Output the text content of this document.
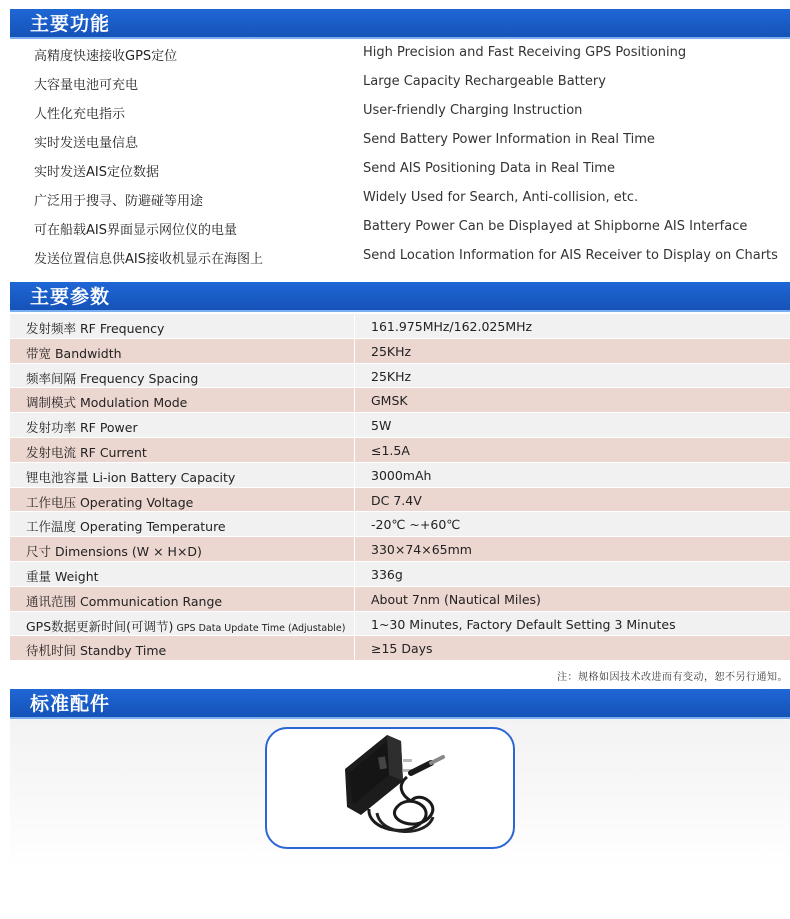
主要功能
高精度快速接收GPS定位	High Precision and Fast Receiving GPS Positioning
大容量电池可充电	Large Capacity Rechargeable Battery
人性化充电指示	User-friendly Charging Instruction
实时发送电量信息	Send Battery Power Information in Real Time
实时发送AIS定位数据	Send AIS Positioning Data in Real Time
广泛用于搜寻、防避碰等用途	Widely Used for Search, Anti-collision, etc.
可在船载AIS界面显示网位仪的电量	Battery Power Can be Displayed at Shipborne AIS Interface
发送位置信息供AIS接收机显示在海图上	Send Location Information for AIS Receiver to Display on Charts
主要参数
发射频率 RF Frequency	161.975MHz/162.025MHz
带宽 Bandwidth	25KHz
频率间隔 Frequency Spacing	25KHz
调制模式 Modulation Mode	GMSK
发射功率 RF Power	5W
发射电流 RF Current	≤1.5A
锂电池容量 Li-ion Battery Capacity	3000mAh
工作电压 Operating Voltage	DC 7.4V
工作温度 Operating Temperature	-20℃ ~+60℃
尺寸 Dimensions (W × H×D)	330×74×65mm
重量 Weight	336g
通讯范围 Communication Range	About 7nm (Nautical Miles)
GPS数据更新时间(可调节) GPS Data Update Time (Adjustable) 1~30 Minutes, Factory Default Setting 3 Minutes
待机时间 Standby Time	≥15 Days
注：规格如因技术改进而有变动，恕不另行通知。
标准配件
